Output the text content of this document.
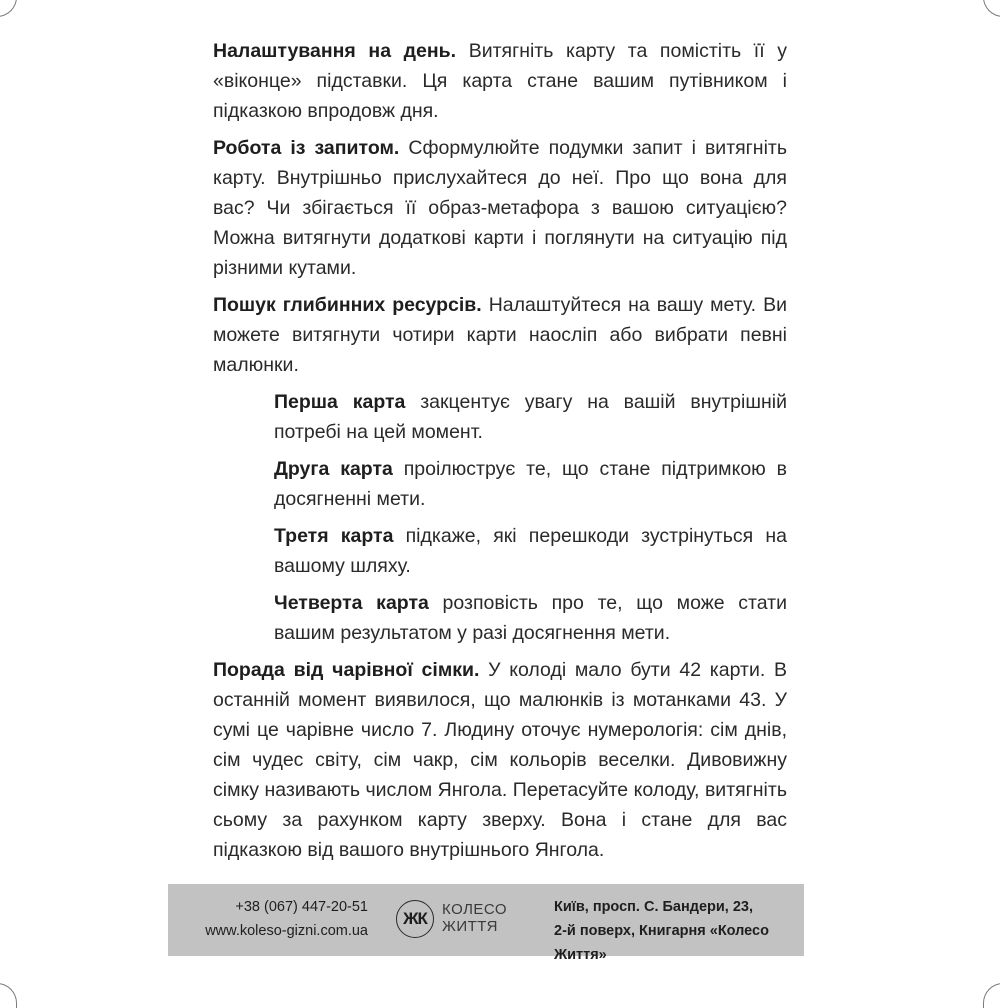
Налаштування на день. Витягніть карту та помістіть її у «віконце» підставки. Ця карта стане вашим путівником і підказкою впродовж дня.

Робота із запитом. Сформулюйте подумки запит і витягніть карту. Внутрішньо прислухайтеся до неї. Про що вона для вас? Чи збігається її образ-метафора з вашою ситуацією? Можна витягнути додаткові карти і поглянути на ситуацію під різними кутами.

Пошук глибинних ресурсів. Налаштуйтеся на вашу мету. Ви можете витягнути чотири карти наосліп або вибрати певні малюнки.

Перша карта закцентує увагу на вашій внутрішній потребі на цей момент.

Друга карта проілюструє те, що стане підтримкою в досягненні мети.

Третя карта підкаже, які перешкоди зустрінуться на вашому шляху.

Четверта карта розповість про те, що може стати вашим результатом у разі досягнення мети.

Порада від чарівної сімки. У колоді мало бути 42 карти. В останній момент виявилося, що малюнків із мотанками 43. У сумі це чарівне число 7. Людину оточує нумерологія: сім днів, сім чудес світу, сім чакр, сім кольорів веселки. Дивовижну сімку називають числом Янгола. Перетасуйте колоду, витягніть сьому за рахунком карту зверху. Вона і стане для вас підказкою від вашого внутрішнього Янгола.

+38 (067) 447-20-51
www.koleso-gizni.com.ua
ЖК	КОЛЕСО
ЖИТТЯ
Київ, просп. С. Бандери, 23,
2-й поверх, Книгарня «Колесо Життя»
